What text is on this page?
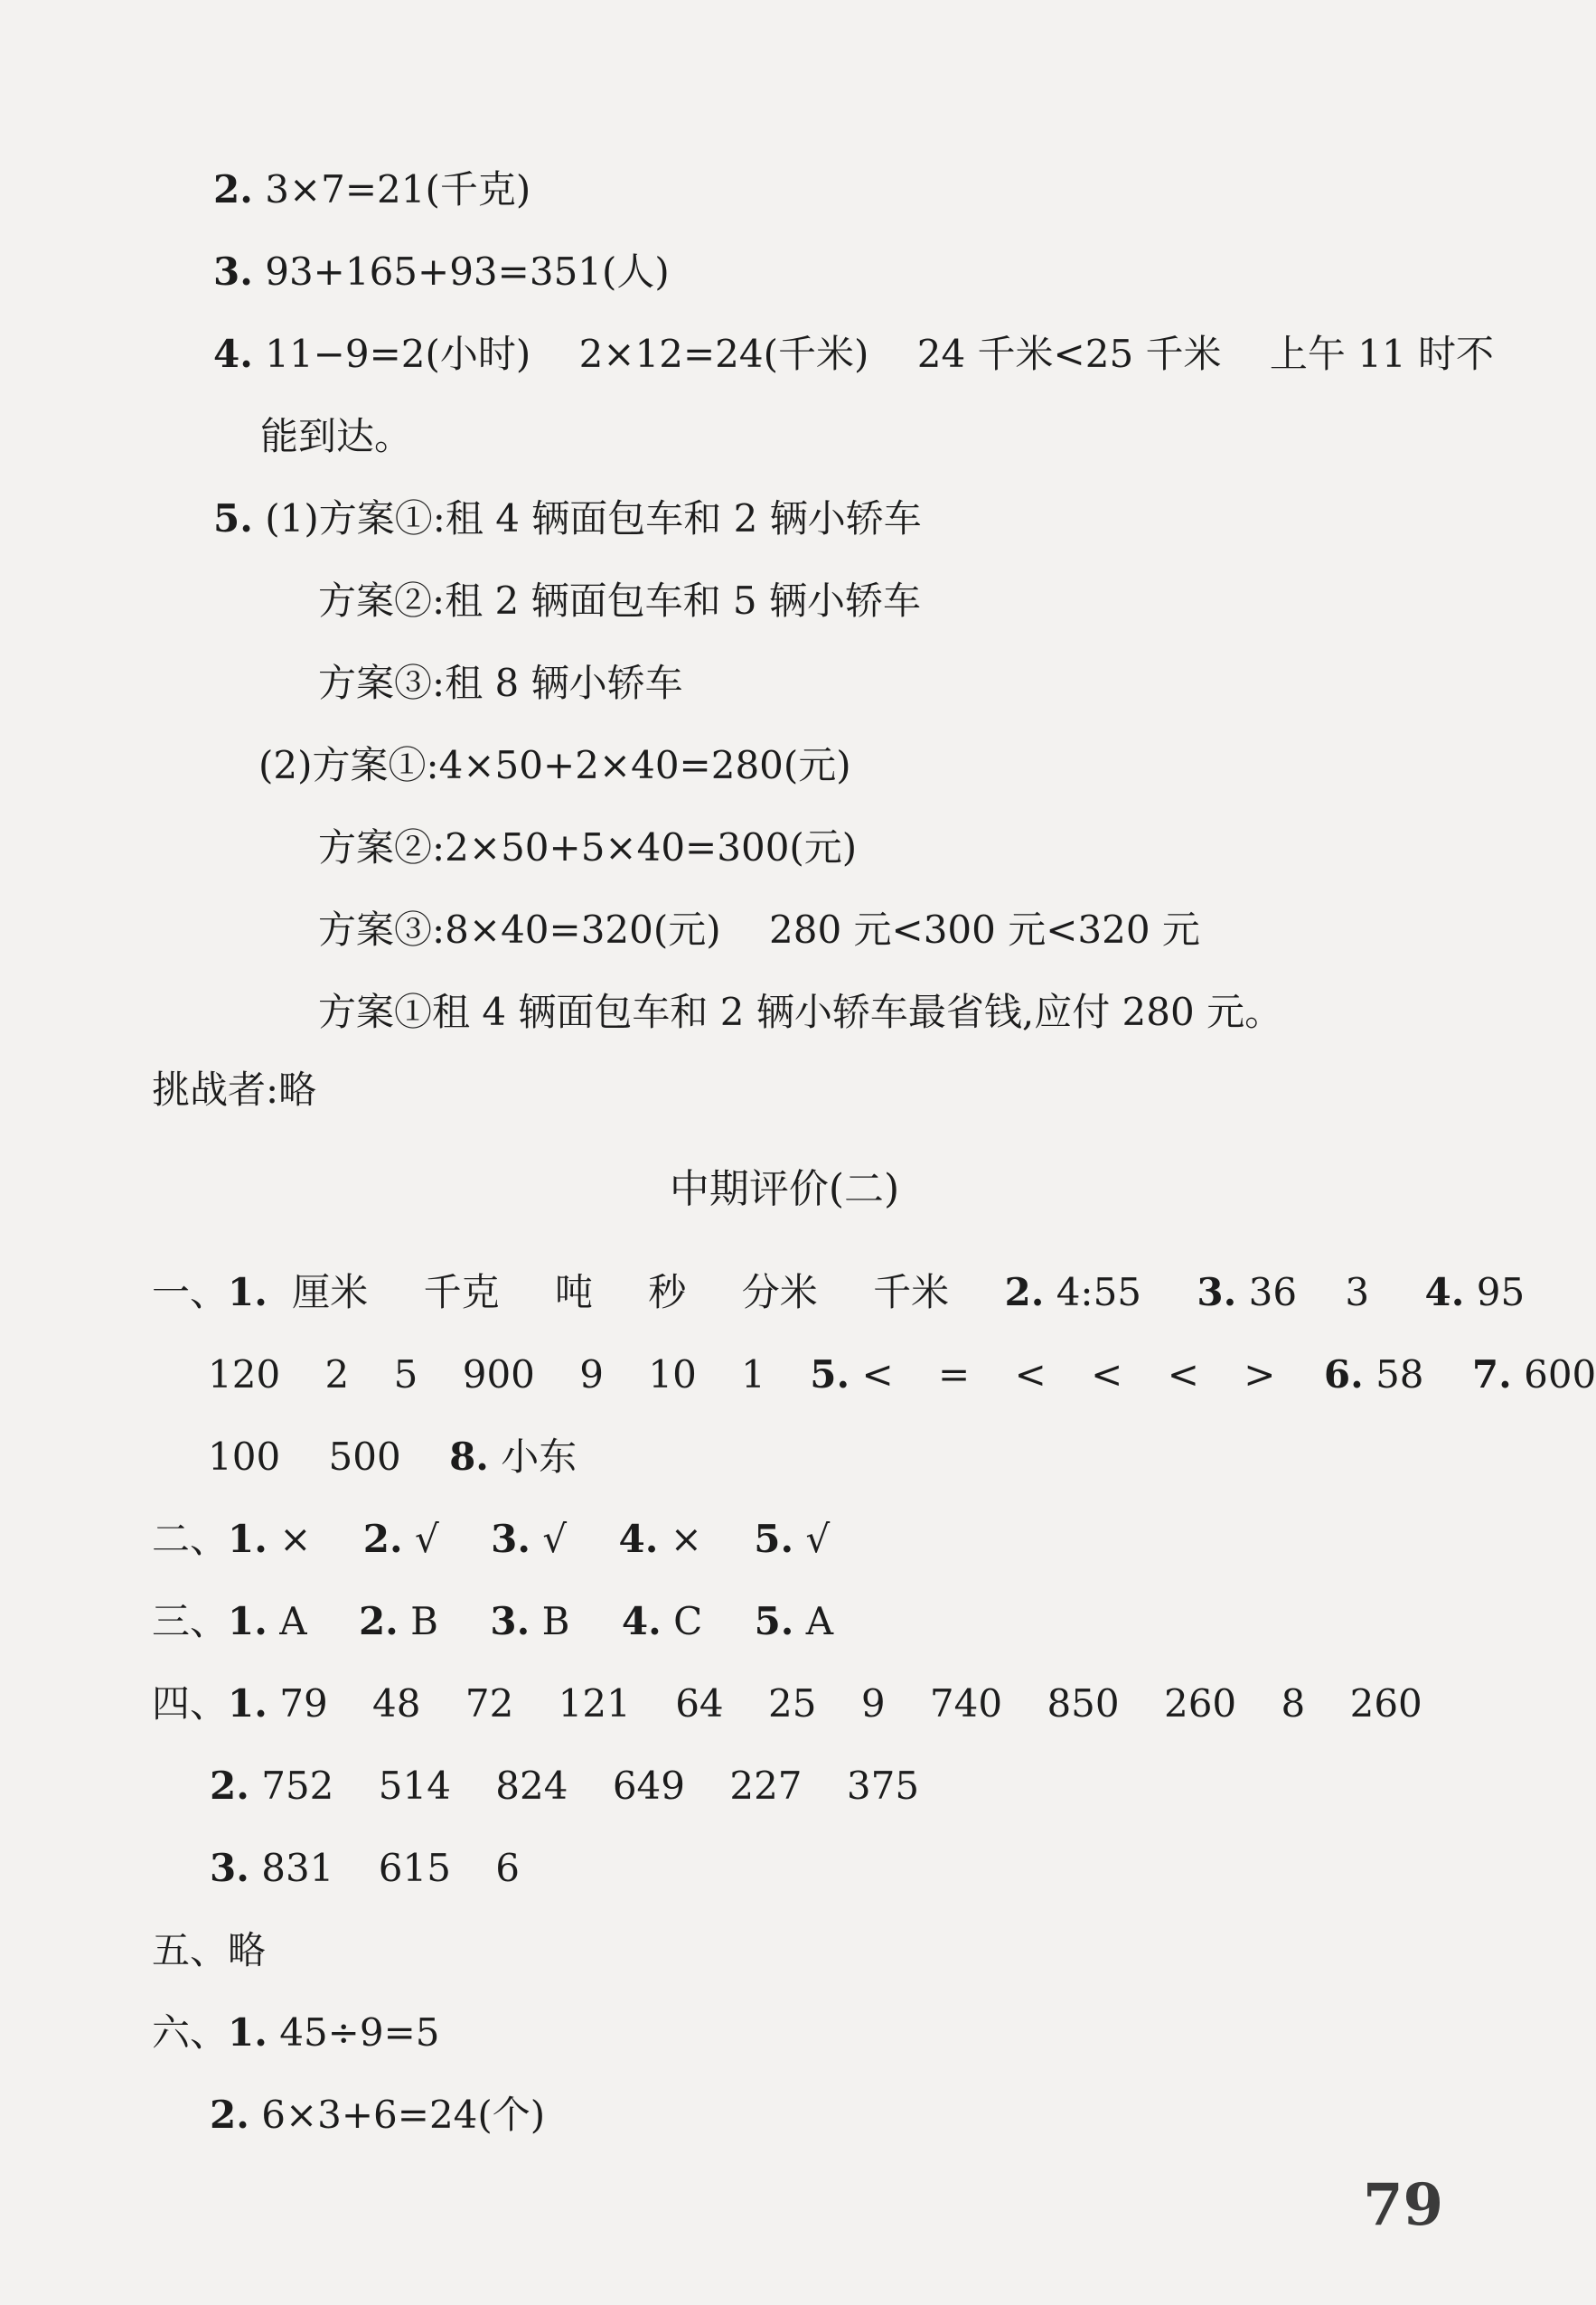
2. 3×7=21(千克)
3. 93+165+93=351(人)
4. 11−9=2(小时) 2×12=24(千米) 24 千米<25 千米 上午 11 时不
能到达。
5. (1)方案①:租 4 辆面包车和 2 辆小轿车
方案②:租 2 辆面包车和 5 辆小轿车
方案③:租 8 辆小轿车
(2)方案①:4×50+2×40=280(元)
方案②:2×50+5×40=300(元)
方案③:8×40=320(元) 280 元<300 元<320 元
方案①租 4 辆面包车和 2 辆小轿车最省钱,应付 280 元。
挑战者:略
中期评价(二)
一、1. 厘米 千克 吨 秒 分米 千米 2. 4:55 3. 36 3 4. 95
120 2 5 900 9 10 1 5. < = < < < > 6. 58 7. 600
100 500 8. 小东
二、1. × 2. √ 3. √ 4. × 5. √
三、1. A 2. B 3. B 4. C 5. A
四、1. 79 48 72 121 64 25 9 740 850 260 8 260
2. 752 514 824 649 227 375
3. 831 615 6
五、略
六、1. 45÷9=5
2. 6×3+6=24(个)
79
